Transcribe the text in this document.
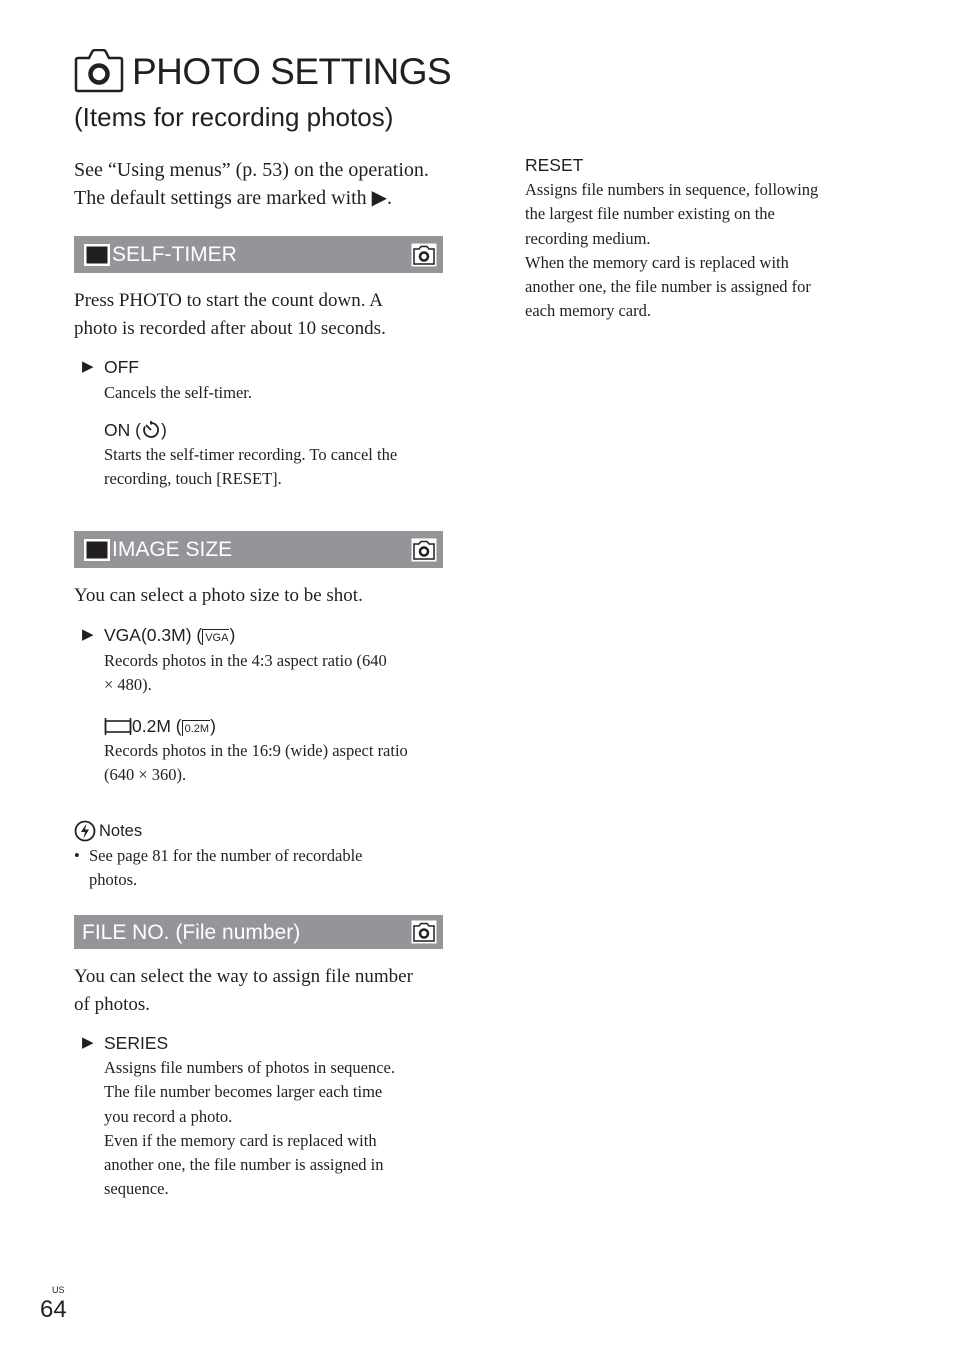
PHOTO SETTINGS
(Items for recording photos)
See “Using menus” (p. 53) on the operation.
The default settings are marked with ▶.
SELF-TIMER
Press PHOTO to start the count down. A
photo is recorded after about 10 seconds.
▶ OFF
Cancels the self-timer.
ON ( )
Starts the self-timer recording. To cancel the
recording, touch [RESET].
IMAGE SIZE
You can select a photo size to be shot.
▶ VGA(0.3M) ( VGA )
Records photos in the 4:3 aspect ratio (640
× 480).
0.2M ( 0.2M )
Records photos in the 16:9 (wide) aspect ratio
(640 × 360).
Notes
• See page 81 for the number of recordable
photos.
FILE NO. (File number)
You can select the way to assign file number
of photos.
▶ SERIES
Assigns file numbers of photos in sequence.
The file number becomes larger each time
you record a photo.
Even if the memory card is replaced with
another one, the file number is assigned in
sequence.
RESET
Assigns file numbers in sequence, following
the largest file number existing on the
recording medium.
When the memory card is replaced with
another one, the file number is assigned for
each memory card.
US
64
